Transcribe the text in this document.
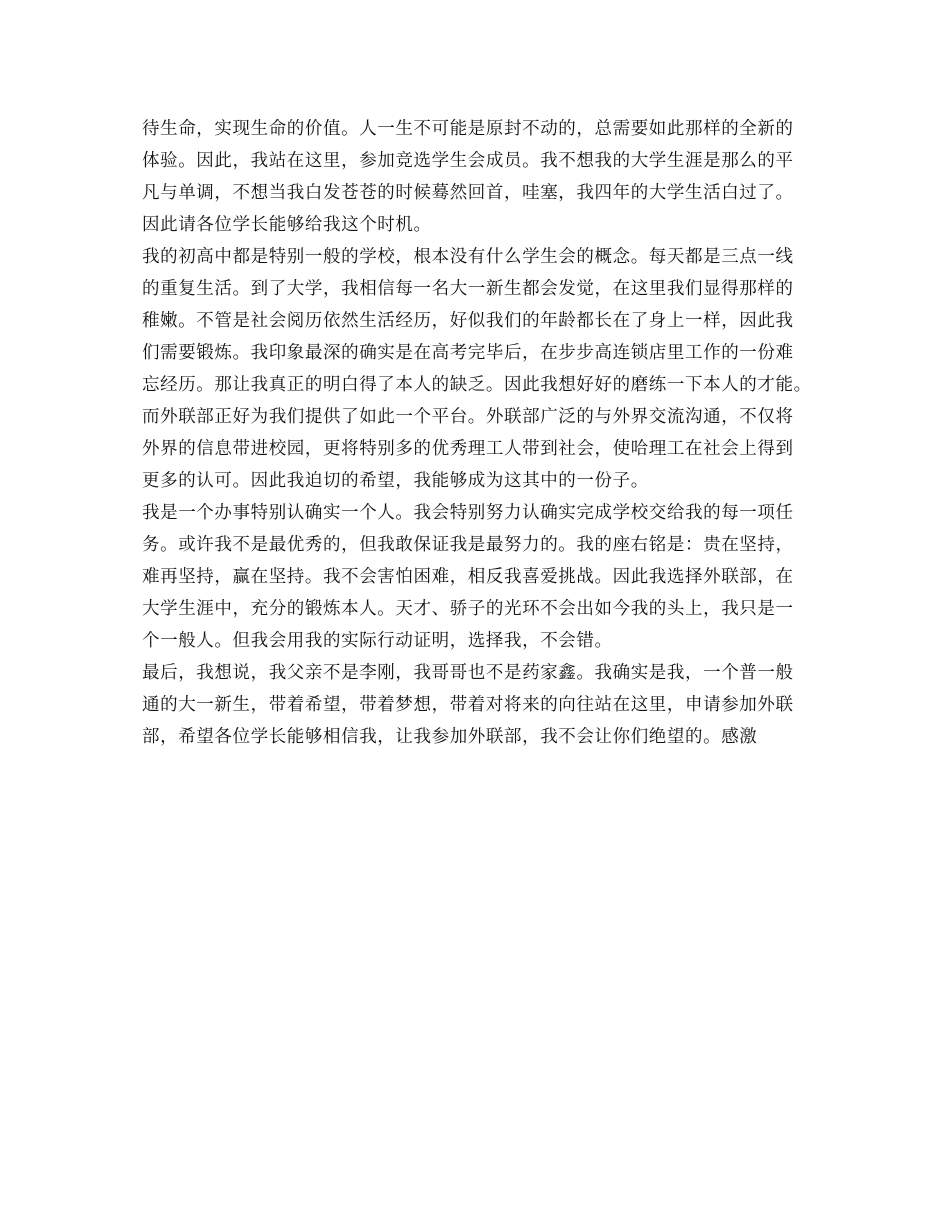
待生命，实现生命的价值。人一生不可能是原封不动的，总需要如此那样的全新的
体验。因此，我站在这里，参加竞选学生会成员。我不想我的大学生涯是那么的平
凡与单调，不想当我白发苍苍的时候蓦然回首，哇塞，我四年的大学生活白过了。
因此请各位学长能够给我这个时机。
我的初高中都是特别一般的学校，根本没有什么学生会的概念。每天都是三点一线
的重复生活。到了大学，我相信每一名大一新生都会发觉，在这里我们显得那样的
稚嫩。不管是社会阅历依然生活经历，好似我们的年龄都长在了身上一样，因此我
们需要锻炼。我印象最深的确实是在高考完毕后，在步步高连锁店里工作的一份难
忘经历。那让我真正的明白得了本人的缺乏。因此我想好好的磨练一下本人的才能。
而外联部正好为我们提供了如此一个平台。外联部广泛的与外界交流沟通，不仅将
外界的信息带进校园，更将特别多的优秀理工人带到社会，使哈理工在社会上得到
更多的认可。因此我迫切的希望，我能够成为这其中的一份子。
我是一个办事特别认确实一个人。我会特别努力认确实完成学校交给我的每一项任
务。或许我不是最优秀的，但我敢保证我是最努力的。我的座右铭是：贵在坚持，
难再坚持，赢在坚持。我不会害怕困难，相反我喜爱挑战。因此我选择外联部，在
大学生涯中，充分的锻炼本人。天才、骄子的光环不会出如今我的头上，我只是一
个一般人。但我会用我的实际行动证明，选择我，不会错。
最后，我想说，我父亲不是李刚，我哥哥也不是药家鑫。我确实是我，一个普一般
通的大一新生，带着希望，带着梦想，带着对将来的向往站在这里，申请参加外联
部，希望各位学长能够相信我，让我参加外联部，我不会让你们绝望的。感激
